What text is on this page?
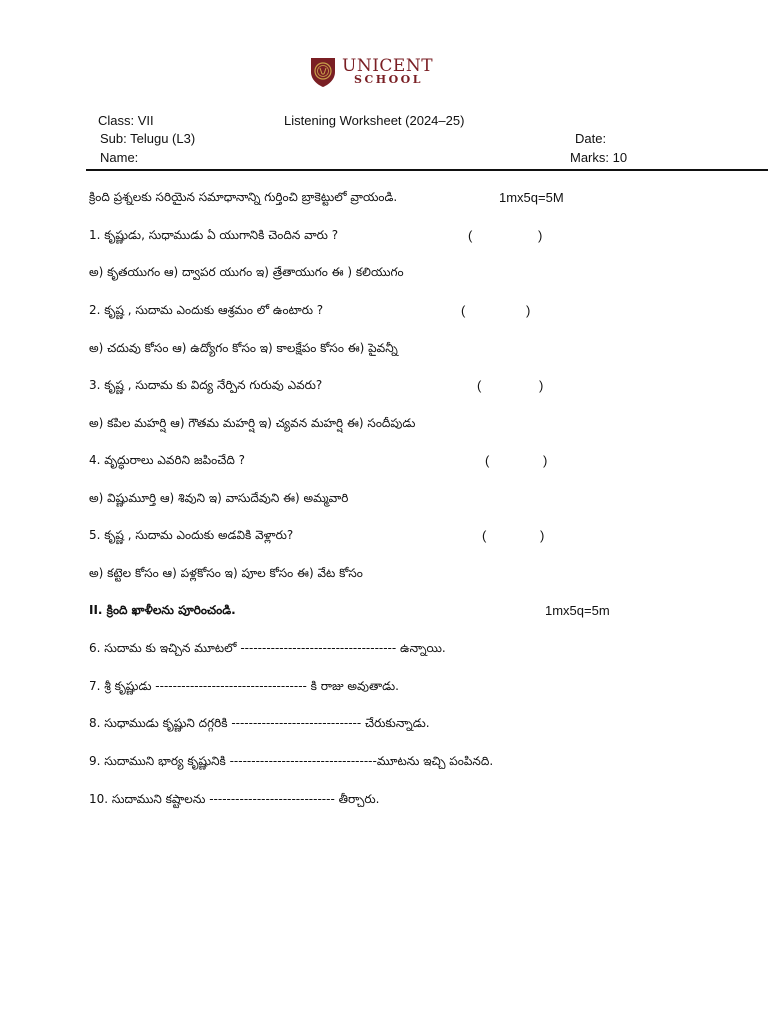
UNICENT
SCHOOL
Class: VII	Listening Worksheet (2024–25)
Sub: Telugu (L3)	Date:
Name:	Marks: 10
క్రింది ప్రశ్నలకు సరియైన సమాధానాన్ని గుర్తించి బ్రాకెట్టులో వ్రాయండి.	1mx5q=5M
1. కృష్ణుడు, సుధాముడు ఏ యుగానికి చెందిన వారు ?	(	)
అ) కృతయుగం ఆ) ద్వాపర యుగం ఇ) త్రేతాయుగం ఈ ) కలియుగం
2. కృష్ణ , సుదామ ఎందుకు ఆశ్రమం లో ఉంటారు ?	(	)
అ) చదువు కోసం ఆ) ఉద్యోగం కోసం ఇ) కాలక్షేపం కోసం ఈ) పైవన్నీ
3. కృష్ణ , సుదామ కు విద్య నేర్పిన గురువు ఎవరు?	(	)
అ) కపిల మహర్షి ఆ) గౌతమ మహర్షి ఇ) చ్యవన మహర్షి ఈ) సందీపుడు
4. వృద్ధురాలు ఎవరిని జపించేది ?	(	)
అ) విష్ణుమూర్తి ఆ) శివుని ఇ) వాసుదేవుని ఈ) అమ్మవారి
5. కృష్ణ , సుదామ ఎందుకు అడవికి వెళ్లారు?	(	)
అ) కట్టెల కోసం ఆ) పళ్లకోసం ఇ) పూల కోసం ఈ) వేట కోసం
II. క్రింది ఖాళీలను పూరించండి.	1mx5q=5m
6. సుదామ కు ఇచ్చిన మూటలో ------------------------------------ ఉన్నాయి.
7. శ్రీ కృష్ణుడు ----------------------------------- కి రాజు అవుతాడు.
8. సుధాముడు కృష్ణుని దగ్గరికి ------------------------------ చేరుకున్నాడు.
9. సుదాముని భార్య కృష్ణునికి ----------------------------------మూటను ఇచ్చి పంపినది.
10. సుదాముని కష్టాలను ----------------------------- తీర్చారు.
